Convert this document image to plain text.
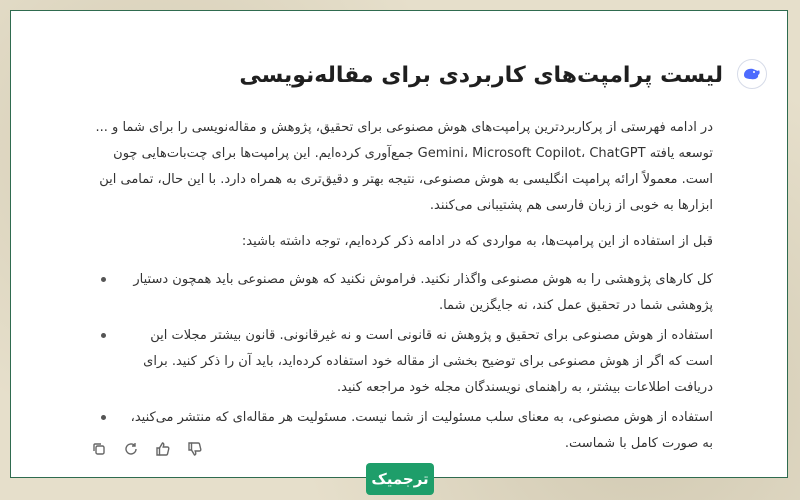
لیست پرامپت‌های کاربردی برای مقاله‌نویسی

در ادامه فهرستی از پرکاربردترین پرامپت‌های هوش مصنوعی برای تحقیق، پژوهش و مقاله‌نویسی را برای شما و ... توسعه یافته Gemini، Microsoft Copilot، ChatGPT جمع‌آوری کرده‌ایم. این پرامپت‌ها برای چت‌بات‌هایی چون است. معمولاً ارائه پرامپت انگلیسی به هوش مصنوعی، نتیجه بهتر و دقیق‌تری به همراه دارد. با این حال، تمامی این ابزارها به خوبی از زبان فارسی هم پشتیبانی می‌کنند.

قبل از استفاده از این پرامپت‌ها، به مواردی که در ادامه ذکر کرده‌ایم، توجه داشته باشید:

کل کارهای پژوهشی را به هوش مصنوعی واگذار نکنید. فراموش نکنید که هوش مصنوعی باید همچون دستیار پژوهشی شما در تحقیق عمل کند، نه جایگزین شما.
استفاده از هوش مصنوعی برای تحقیق و پژوهش نه قانونی است و نه غیرقانونی. قانون بیشتر مجلات این است که اگر از هوش مصنوعی برای توضیح بخشی از مقاله خود استفاده کرده‌اید، باید آن را ذکر کنید. برای دریافت اطلاعات بیشتر، به راهنمای نویسندگان مجله خود مراجعه کنید.
استفاده از هوش مصنوعی، به معنای سلب مسئولیت از شما نیست. مسئولیت هر مقاله‌ای که منتشر می‌کنید، به صورت کامل با شماست.
ترجمیک
